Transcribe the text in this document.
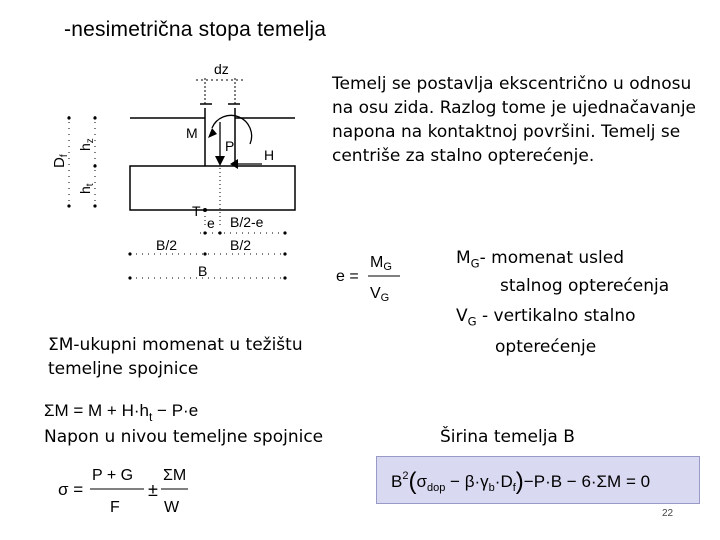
-nesimetrična stopa temelja
dz
$D_f$
$h_z$
$h_t$
M
P
H
T
e B/2-e
B/2	B/2
B
Temelj se postavlja ekscentrično u odnosu na osu zida. Razlog tome je ujednačavanje napona na kontaktnoj površini. Temelj se centriše za stalno opterećenje.
e =
MG
VG
$M_G-$ momenat usled
stalnog opterećenja
$V_G$ - vertikalno stalno
opterećenje
ΣM-ukupni momenat u težištu temeljne spojnice
$\Sigma M = M + H\cdot h_t - P\cdot e$
Napon u nivou temeljne spojnice
σ =
P + G
F
±
ΣM
W
Širina temelja B
$B^2(\sigma_{dop} - \beta\cdot\gamma_b\cdot D_f)-P\cdot B - 6\cdot\Sigma M = 0$
22
